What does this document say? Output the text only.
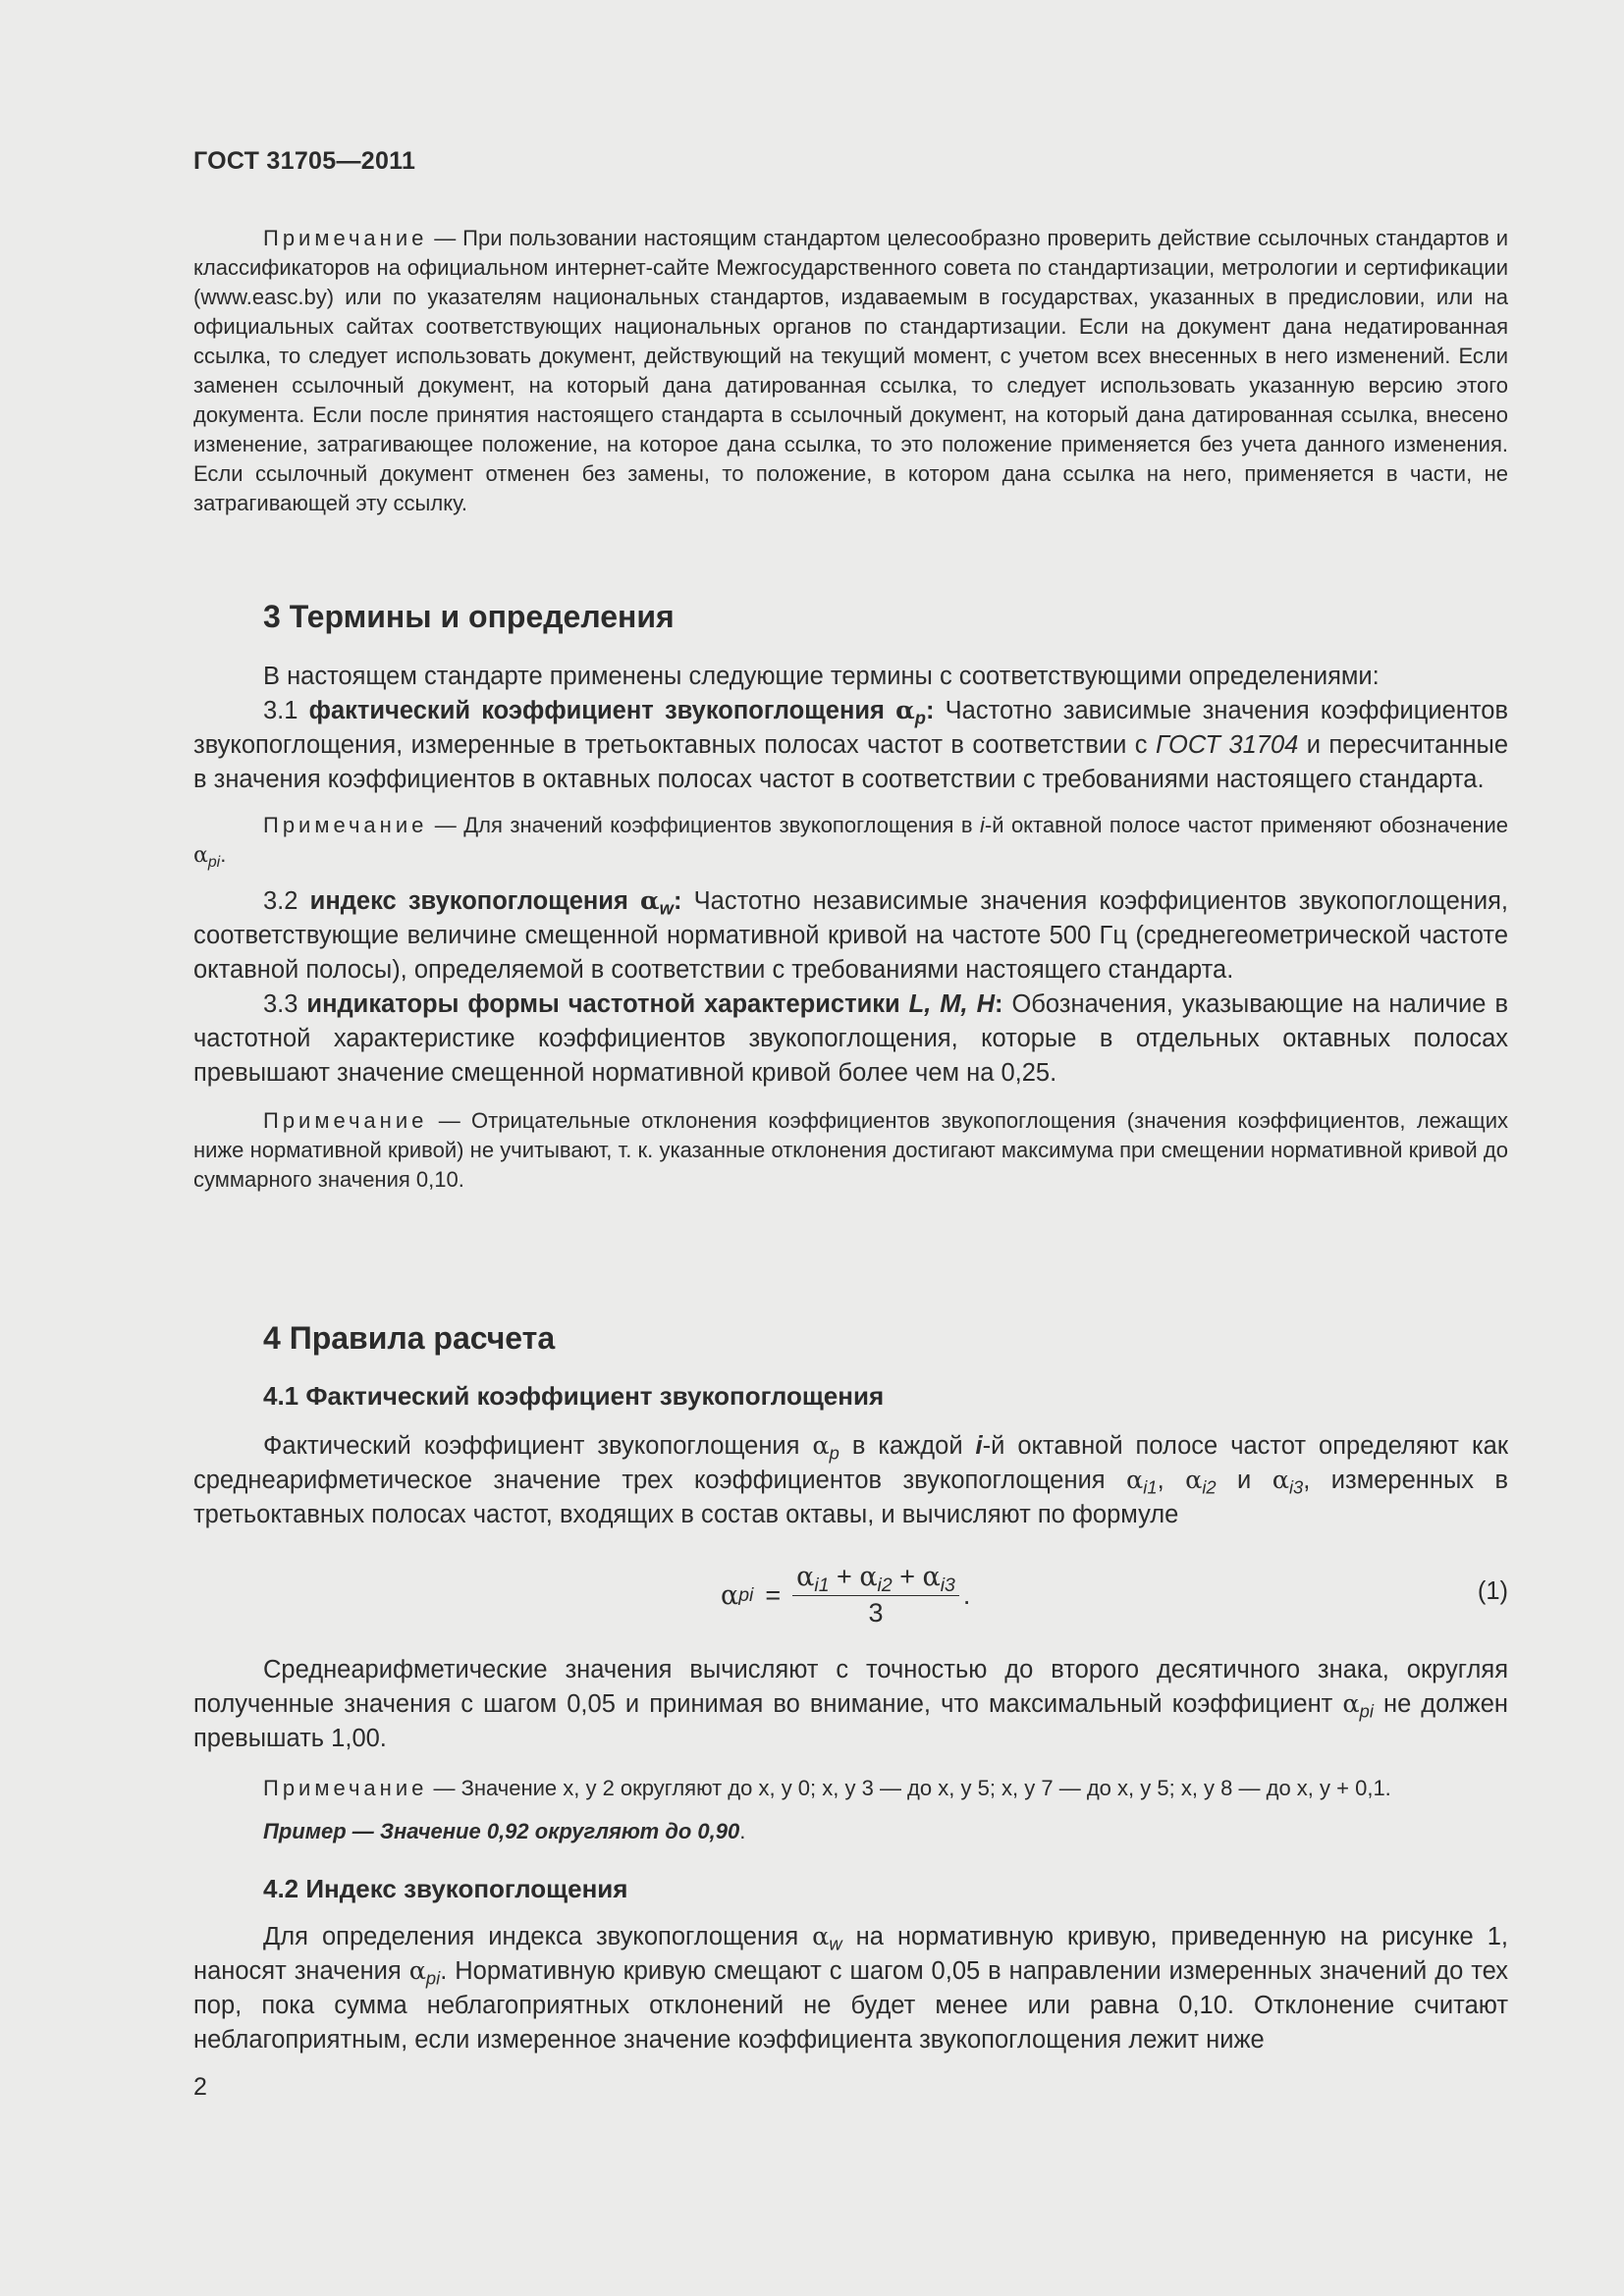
ГОСТ 31705—2011

Примечание — При пользовании настоящим стандартом целесообразно проверить действие ссылочных стандартов и классификаторов на официальном интернет-сайте Межгосударственного совета по стандартизации, метрологии и сертификации (www.easc.by) или по указателям национальных стандартов, издаваемым в государствах, указанных в предисловии, или на официальных сайтах соответствующих национальных органов по стандартизации. Если на документ дана недатированная ссылка, то следует использовать документ, действующий на текущий момент, с учетом всех внесенных в него изменений. Если заменен ссылочный документ, на который дана датированная ссылка, то следует использовать указанную версию этого документа. Если после принятия настоящего стандарта в ссылочный документ, на который дана датированная ссылка, внесено изменение, затрагивающее положение, на которое дана ссылка, то это положение применяется без учета данного изменения. Если ссылочный документ отменен без замены, то положение, в котором дана ссылка на него, применяется в части, не затрагивающей эту ссылку.

3 Термины и определения

В настоящем стандарте применены следующие термины с соответствующими определениями:

3.1 фактический коэффициент звукопоглощения $\alpha_p$: Частотно зависимые значения коэффициентов звукопоглощения, измеренные в третьоктавных полосах частот в соответствии с ГОСТ 31704 и пересчитанные в значения коэффициентов в октавных полосах частот в соответствии с требованиями настоящего стандарта.

Примечание — Для значений коэффициентов звукопоглощения в i-й октавной полосе частот применяют обозначение $\alpha_{pi}$.

3.2 индекс звукопоглощения $\alpha_w$: Частотно независимые значения коэффициентов звукопоглощения, соответствующие величине смещенной нормативной кривой на частоте 500 Гц (среднегеометрической частоте октавной полосы), определяемой в соответствии с требованиями настоящего стандарта.

3.3 индикаторы формы частотной характеристики L, M, H: Обозначения, указывающие на наличие в частотной характеристике коэффициентов звукопоглощения, которые в отдельных октавных полосах превышают значение смещенной нормативной кривой более чем на 0,25.

Примечание — Отрицательные отклонения коэффициентов звукопоглощения (значения коэффициентов, лежащих ниже нормативной кривой) не учитывают, т. к. указанные отклонения достигают максимума при смещении нормативной кривой до суммарного значения 0,10.

4 Правила расчета
4.1 Фактический коэффициент звукопоглощения

Фактический коэффициент звукопоглощения $\alpha_p$ в каждой i-й октавной полосе частот определяют как среднеарифметическое значение трех коэффициентов звукопоглощения $\alpha_{i1}$, $\alpha_{i2}$ и $\alpha_{i3}$, измеренных в третьоктавных полосах частот, входящих в состав октавы, и вычисляют по формуле

α pi = $\frac{\alpha_{i1} + \alpha_{i2} + \alpha_{i3}}{3}$ .	(1)

Среднеарифметические значения вычисляют с точностью до второго десятичного знака, округляя полученные значения с шагом 0,05 и принимая во внимание, что максимальный коэффициент $\alpha_{pi}$ не должен превышать 1,00.

Примечание — Значение x, y 2 округляют до x, y 0; x, y 3 — до x, y 5; x, y 7 — до x, y 5; x, y 8 — до x, y + 0,1.

Пример — Значение 0,92 округляют до 0,90.

4.2 Индекс звукопоглощения

Для определения индекса звукопоглощения $\alpha_w$ на нормативную кривую, приведенную на рисунке 1, наносят значения $\alpha_{pi}$. Нормативную кривую смещают с шагом 0,05 в направлении измеренных значений до тех пор, пока сумма неблагоприятных отклонений не будет менее или равна 0,10. Отклонение считают неблагоприятным, если измеренное значение коэффициента звукопоглощения лежит ниже

2
